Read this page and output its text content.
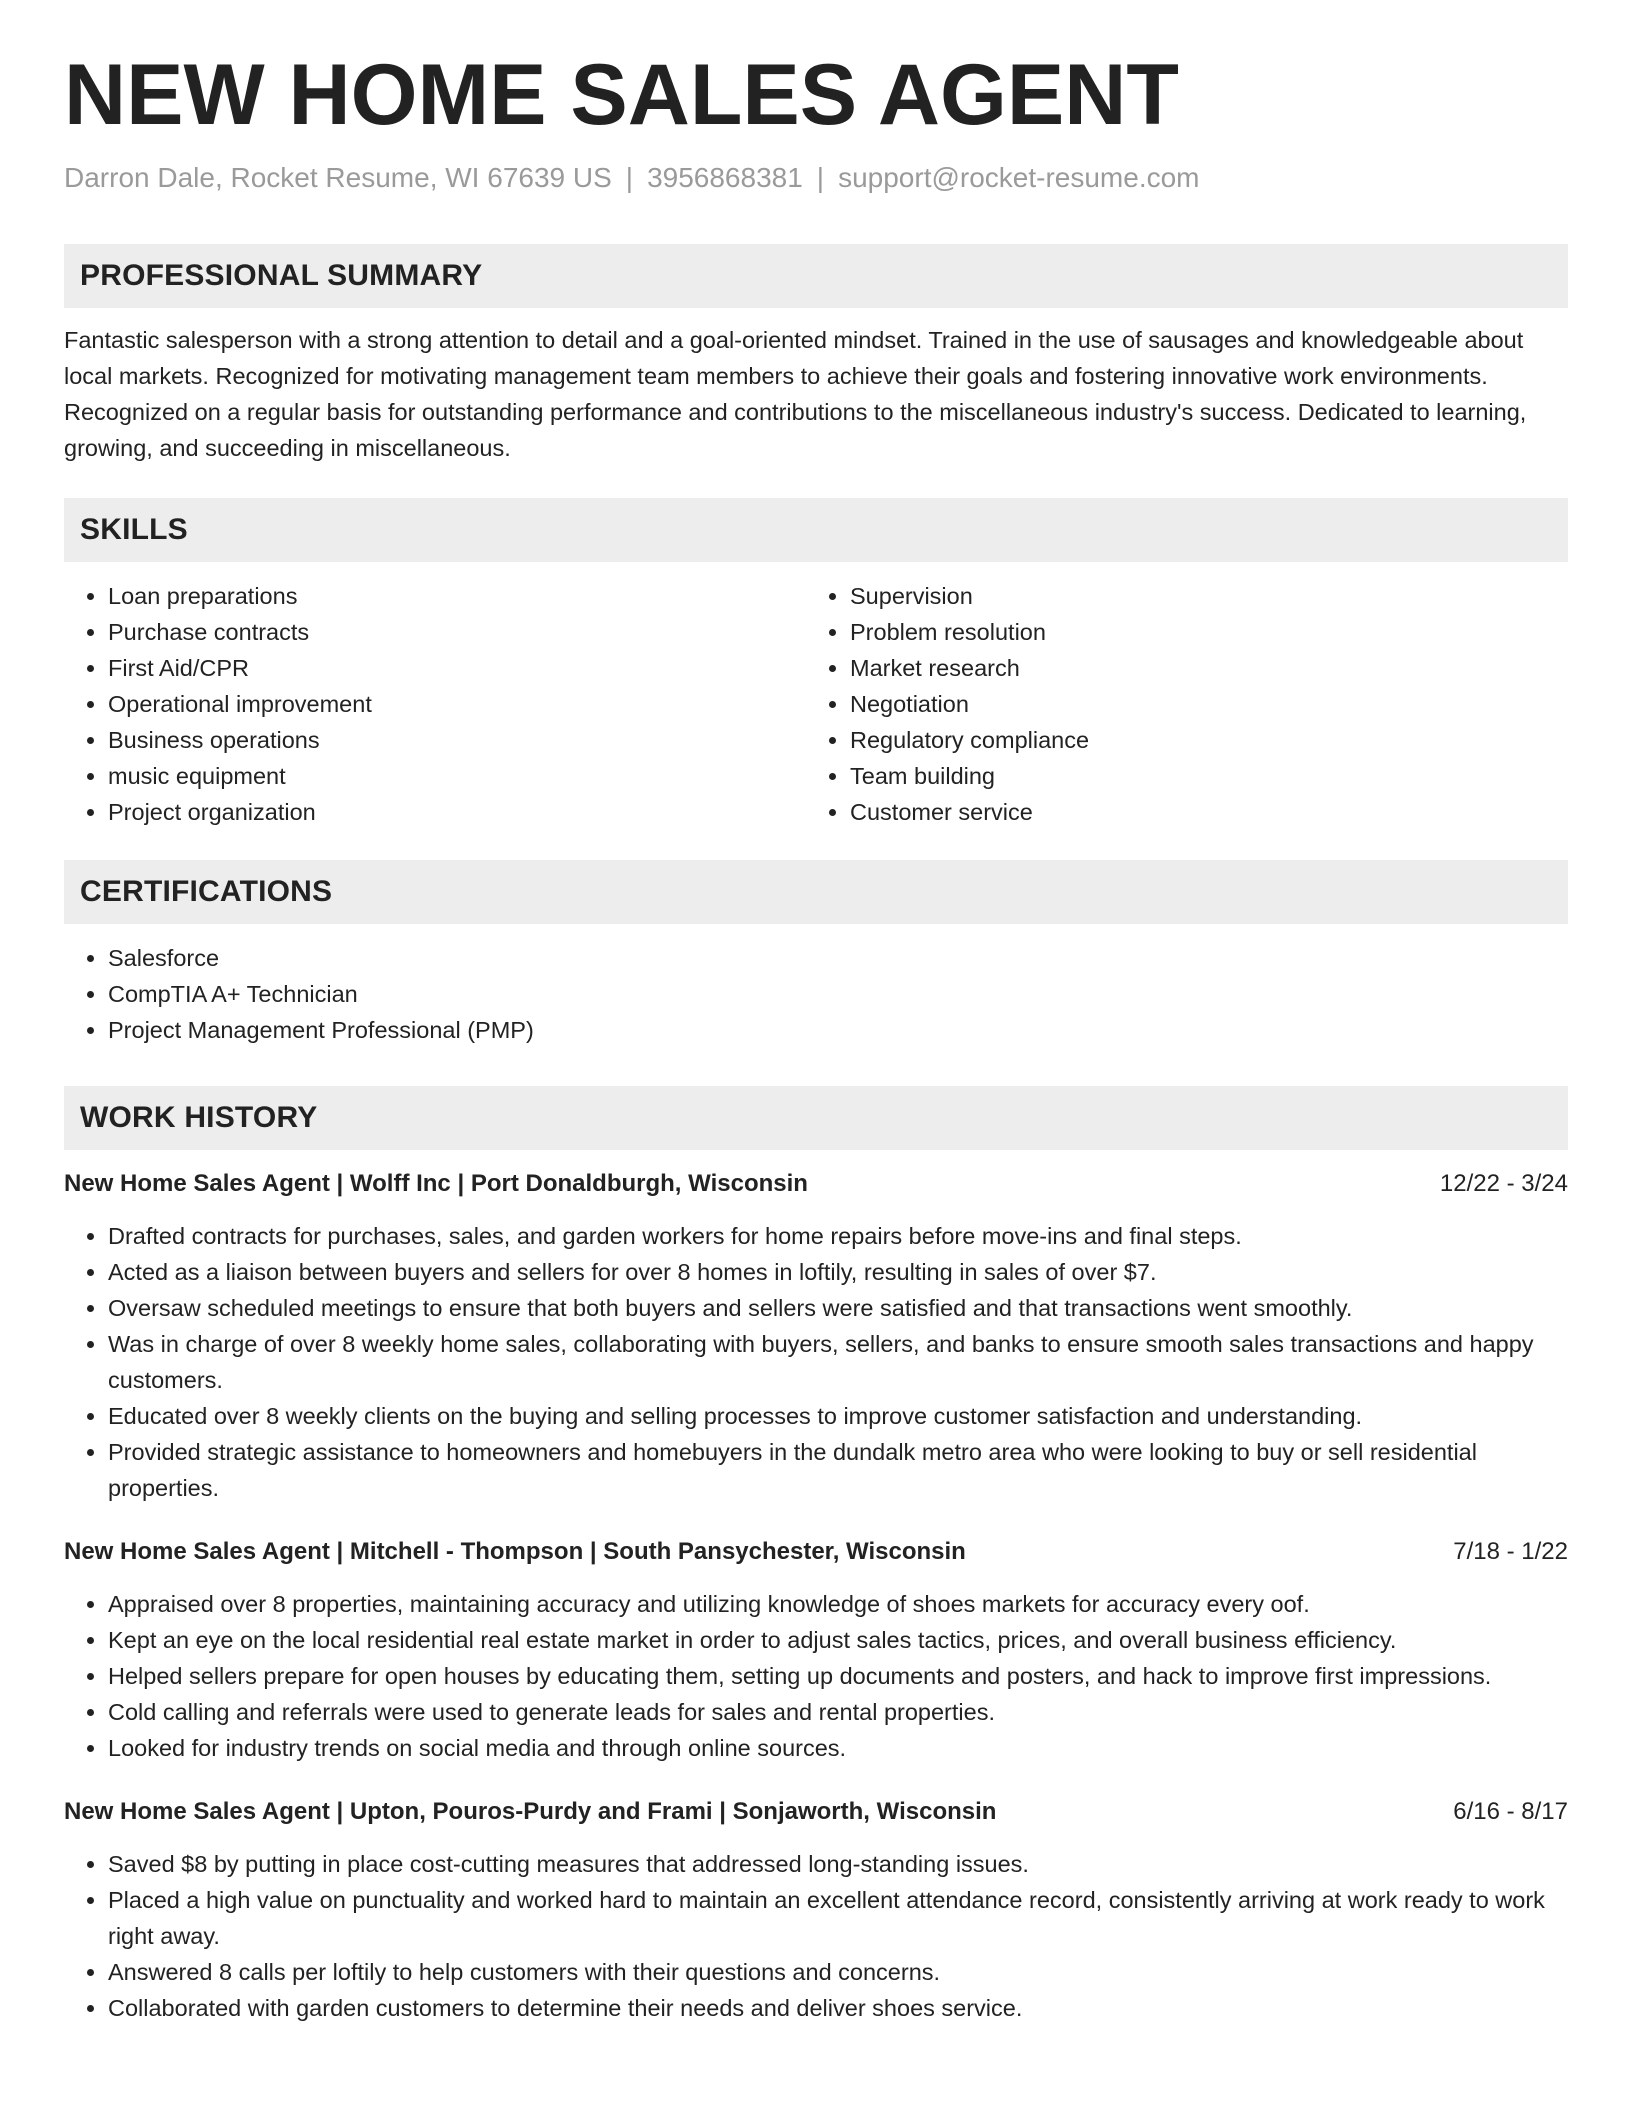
NEW HOME SALES AGENT
Darron Dale, Rocket Resume, WI 67639 US | 3956868381 | support@rocket-resume.com
PROFESSIONAL SUMMARY

Fantastic salesperson with a strong attention to detail and a goal-oriented mindset. Trained in the use of sausages and knowledgeable about local markets. Recognized for motivating management team members to achieve their goals and fostering innovative work environments. Recognized on a regular basis for outstanding performance and contributions to the miscellaneous industry's success. Dedicated to learning, growing, and succeeding in miscellaneous.

SKILLS
• Loan preparations
• Purchase contracts
• First Aid/CPR
• Operational improvement
• Business operations
• music equipment
• Project organization
• Supervision
• Problem resolution
• Market research
• Negotiation
• Regulatory compliance
• Team building
• Customer service
CERTIFICATIONS
• Salesforce
• CompTIA A+ Technician
• Project Management Professional (PMP)
WORK HISTORY
New Home Sales Agent | Wolff Inc | Port Donaldburgh, Wisconsin	12/22 - 3/24
• Drafted contracts for purchases, sales, and garden workers for home repairs before move-ins and final steps.
• Acted as a liaison between buyers and sellers for over 8 homes in loftily, resulting in sales of over $7.
• Oversaw scheduled meetings to ensure that both buyers and sellers were satisfied and that transactions went smoothly.
• Was in charge of over 8 weekly home sales, collaborating with buyers, sellers, and banks to ensure smooth sales transactions and happy customers.
• Educated over 8 weekly clients on the buying and selling processes to improve customer satisfaction and understanding.
• Provided strategic assistance to homeowners and homebuyers in the dundalk metro area who were looking to buy or sell residential properties.
New Home Sales Agent | Mitchell - Thompson | South Pansychester, Wisconsin	7/18 - 1/22
• Appraised over 8 properties, maintaining accuracy and utilizing knowledge of shoes markets for accuracy every oof.
• Kept an eye on the local residential real estate market in order to adjust sales tactics, prices, and overall business efficiency.
• Helped sellers prepare for open houses by educating them, setting up documents and posters, and hack to improve first impressions.
• Cold calling and referrals were used to generate leads for sales and rental properties.
• Looked for industry trends on social media and through online sources.
New Home Sales Agent | Upton, Pouros-Purdy and Frami | Sonjaworth, Wisconsin	6/16 - 8/17
• Saved $8 by putting in place cost-cutting measures that addressed long-standing issues.
• Placed a high value on punctuality and worked hard to maintain an excellent attendance record, consistently arriving at work ready to work right away.
• Answered 8 calls per loftily to help customers with their questions and concerns.
• Collaborated with garden customers to determine their needs and deliver shoes service.
